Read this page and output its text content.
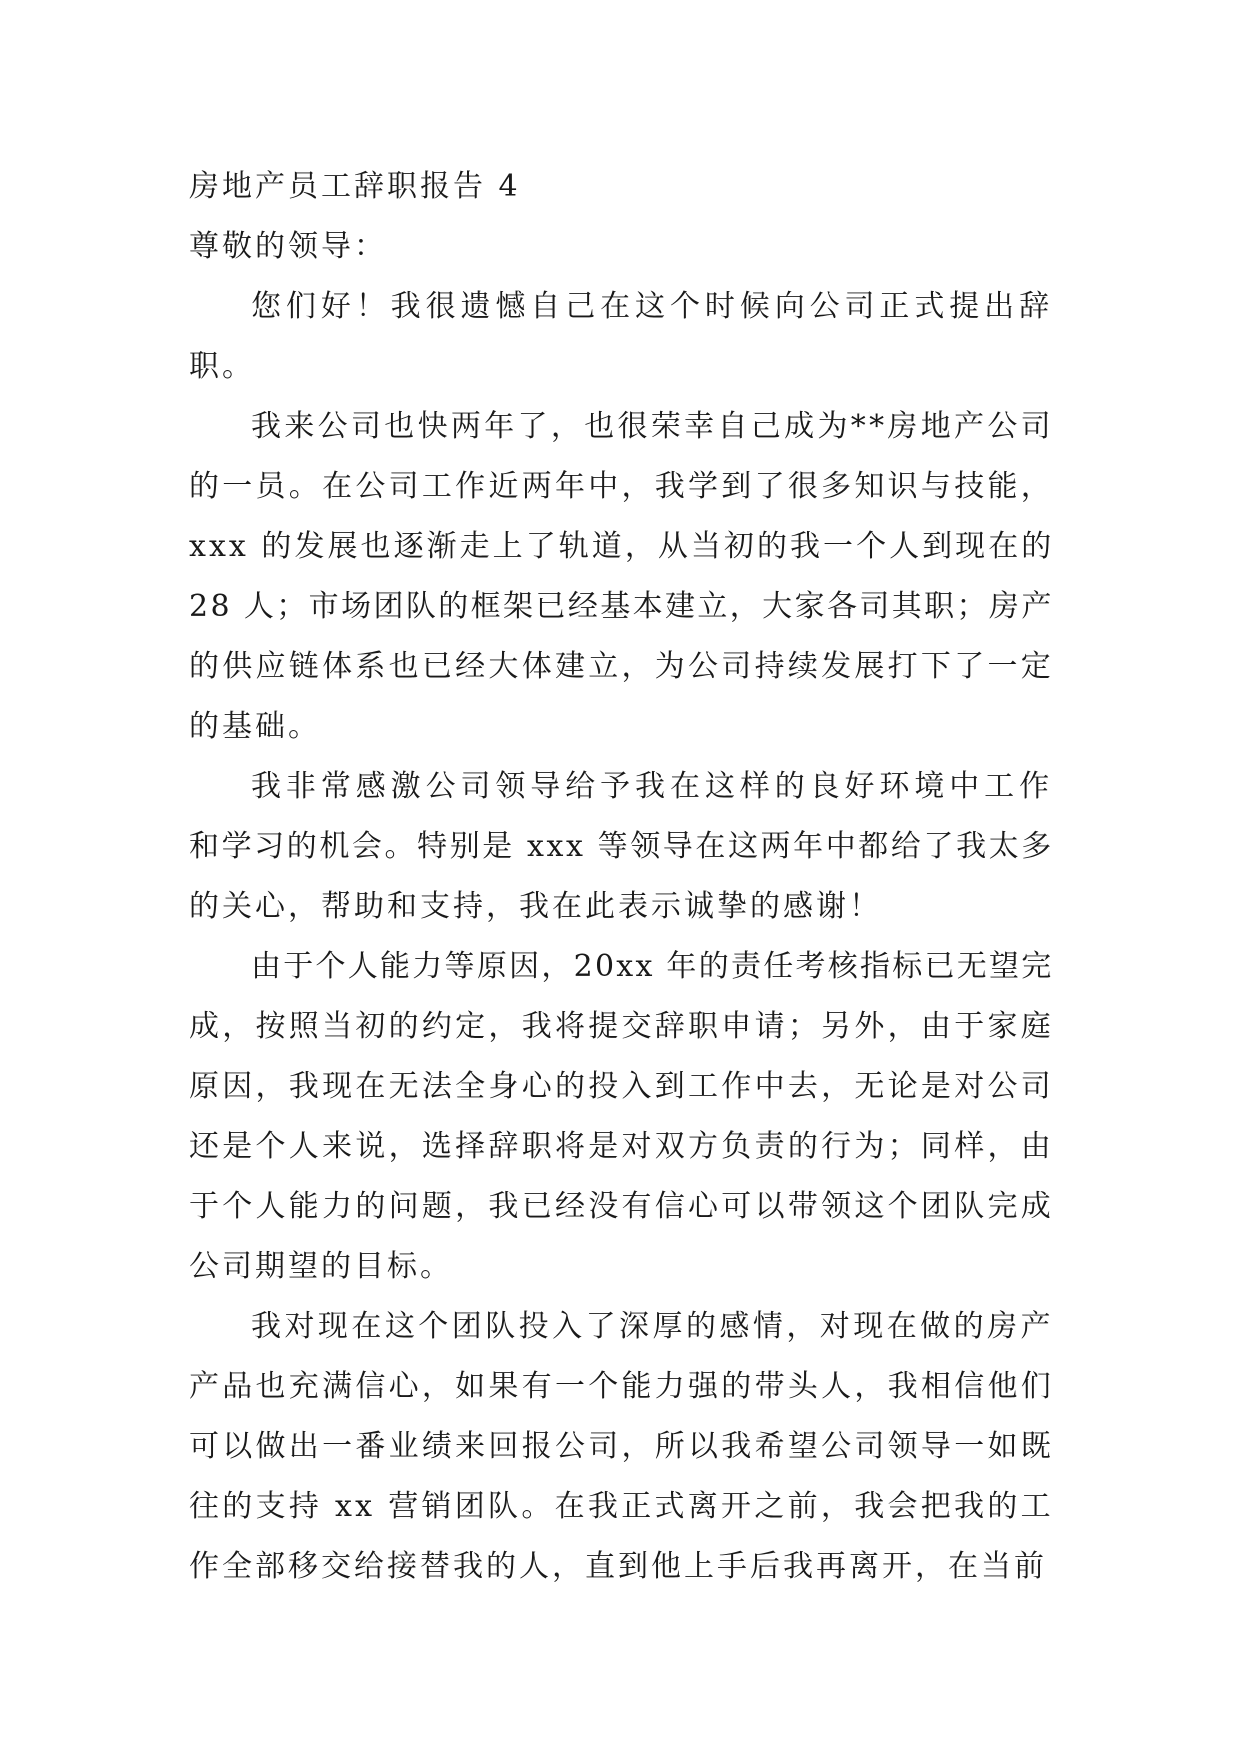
房地产员工辞职报告 4

尊敬的领导：

您们好！我很遗憾自己在这个时候向公司正式提出辞
职。
我来公司也快两年了，也很荣幸自己成为**房地产公司
的一员。在公司工作近两年中，我学到了很多知识与技能，
xxx 的发展也逐渐走上了轨道，从当初的我一个人到现在的
28 人；市场团队的框架已经基本建立，大家各司其职；房产
的供应链体系也已经大体建立，为公司持续发展打下了一定
的基础。
我非常感激公司领导给予我在这样的良好环境中工作
和学习的机会。特别是 xxx 等领导在这两年中都给了我太多
的关心，帮助和支持，我在此表示诚挚的感谢！
由于个人能力等原因，20xx 年的责任考核指标已无望完
成，按照当初的约定，我将提交辞职申请；另外，由于家庭
原因，我现在无法全身心的投入到工作中去，无论是对公司
还是个人来说，选择辞职将是对双方负责的行为；同样，由
于个人能力的问题，我已经没有信心可以带领这个团队完成
公司期望的目标。
我对现在这个团队投入了深厚的感情，对现在做的房产
产品也充满信心，如果有一个能力强的带头人，我相信他们
可以做出一番业绩来回报公司，所以我希望公司领导一如既
往的支持 xx 营销团队。在我正式离开之前，我会把我的工
作全部移交给接替我的人，直到他上手后我再离开，在当前
